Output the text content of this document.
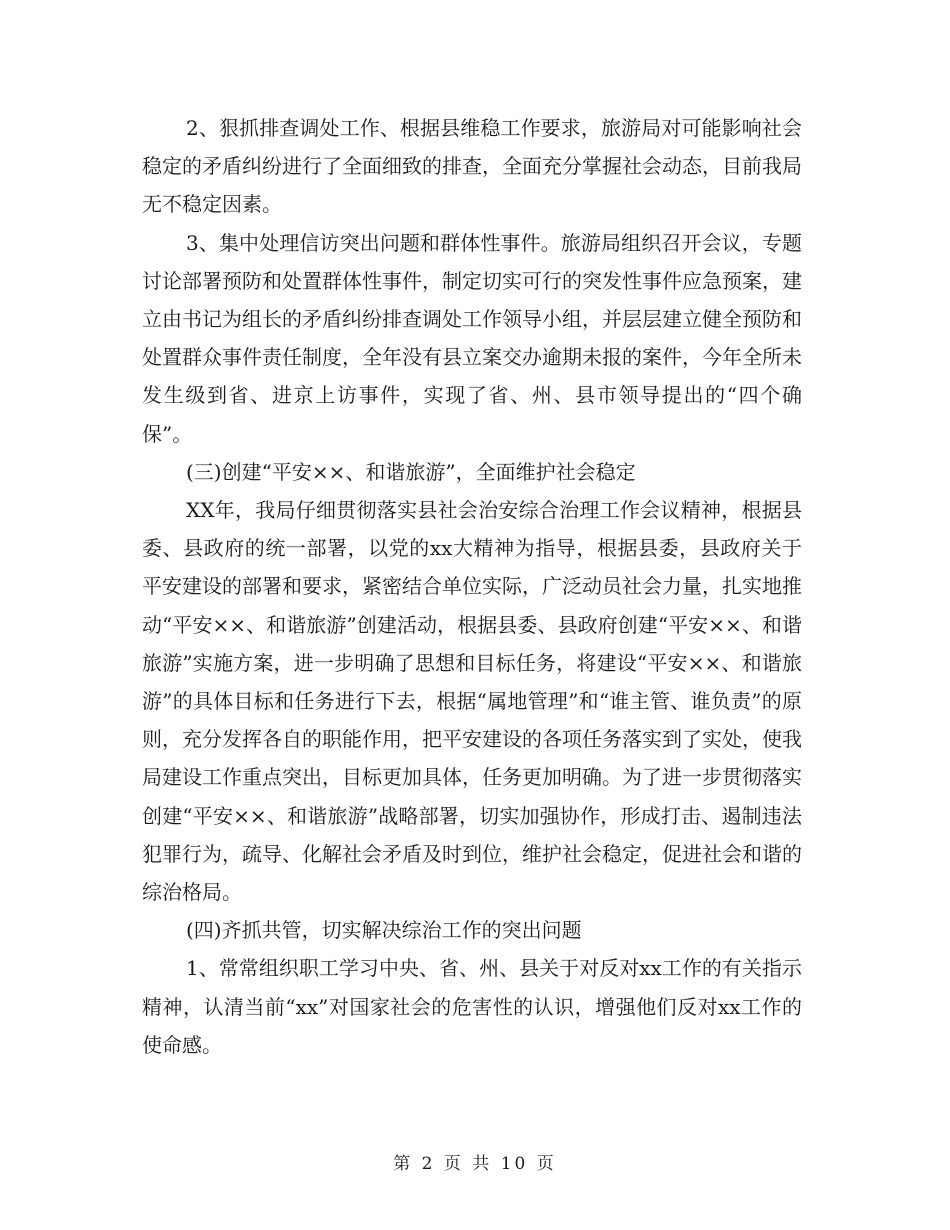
2、狠抓排查调处工作、根据县维稳工作要求，旅游局对可能影响社会稳定的矛盾纠纷进行了全面细致的排查，全面充分掌握社会动态，目前我局无不稳定因素。

3、集中处理信访突出问题和群体性事件。旅游局组织召开会议，专题讨论部署预防和处置群体性事件，制定切实可行的突发性事件应急预案，建立由书记为组长的矛盾纠纷排查调处工作领导小组，并层层建立健全预防和处置群众事件责任制度，全年没有县立案交办逾期未报的案件，今年全所未发生级到省、进京上访事件，实现了省、州、县市领导提出的“四个确保”。

(三)创建“平安××、和谐旅游”，全面维护社会稳定

XX年，我局仔细贯彻落实县社会治安综合治理工作会议精神，根据县委、县政府的统一部署，以党的xx大精神为指导，根据县委，县政府关于平安建设的部署和要求，紧密结合单位实际，广泛动员社会力量，扎实地推动“平安××、和谐旅游”创建活动，根据县委、县政府创建“平安××、和谐旅游”实施方案，进一步明确了思想和目标任务，将建设“平安××、和谐旅游”的具体目标和任务进行下去，根据“属地管理”和“谁主管、谁负责”的原则，充分发挥各自的职能作用，把平安建设的各项任务落实到了实处，使我局建设工作重点突出，目标更加具体，任务更加明确。为了进一步贯彻落实创建“平安××、和谐旅游”战略部署，切实加强协作，形成打击、遏制违法犯罪行为，疏导、化解社会矛盾及时到位，维护社会稳定，促进社会和谐的综治格局。

(四)齐抓共管，切实解决综治工作的突出问题

1、常常组织职工学习中央、省、州、县关于对反对xx工作的有关指示精神，认清当前“xx”对国家社会的危害性的认识，增强他们反对xx工作的使命感。

第 2 页 共 10 页
